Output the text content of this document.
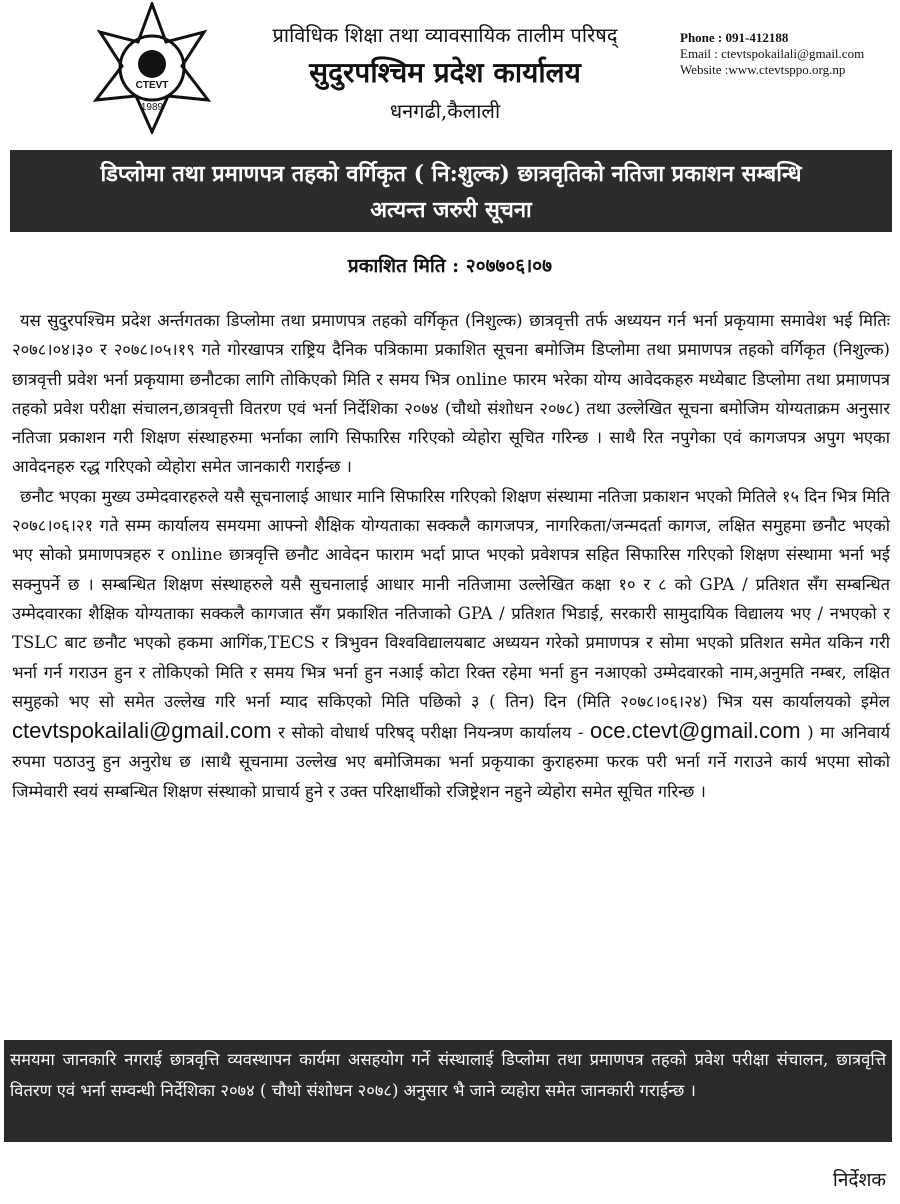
CTEVT
1989
प्राविधिक शिक्षा तथा व्यावसायिक तालीम परिषद्
सुदुरपश्चिम प्रदेश कार्यालय
धनगढी,कैलाली
Phone : 091-412188
Email : ctevtspokailali@gmail.com
Website :www.ctevtsppo.org.np
डिप्लोमा तथा प्रमाणपत्र तहको वर्गिकृत ( नि:शुल्क) छात्रवृतिको नतिजा प्रकाशन सम्बन्धि
अत्यन्त जरुरी सूचना
प्रकाशित मिति : २०७७०६।०७

यस सुदुरपश्चिम प्रदेश अर्न्तगतका डिप्लोमा तथा प्रमाणपत्र तहको वर्गिकृत (निशुल्क) छात्रवृत्ती तर्फ अध्ययन गर्न भर्ना प्रकृयामा समावेश भई मितिः २०७८।०४।३० र २०७८।०५।१९ गते गोरखापत्र राष्ट्रिय दैनिक पत्रिकामा प्रकाशित सूचना बमोजिम डिप्लोमा तथा प्रमाणपत्र तहको वर्गिकृत (निशुल्क) छात्रवृत्ती प्रवेश भर्ना प्रकृयामा छनौटका लागि तोकिएको मिति र समय भित्र online फारम भरेका योग्य आवेदकहरु मध्येबाट डिप्लोमा तथा प्रमाणपत्र तहको प्रवेश परीक्षा संचालन,छात्रवृत्ती वितरण एवं भर्ना निर्देशिका २०७४ (चौथो संशोधन २०७८) तथा उल्लेखित सूचना बमोजिम योग्यताक्रम अनुसार नतिजा प्रकाशन गरी शिक्षण संस्थाहरुमा भर्नाका लागि सिफारिस गरिएको व्येहोरा सूचित गरिन्छ । साथै रित नपुगेका एवं कागजपत्र अपुग भएका आवेदनहरु रद्ध गरिएको व्येहोरा समेत जानकारी गराईन्छ ।

छनौट भएका मुख्य उम्मेदवारहरुले यसै सूचनालाई आधार मानि सिफारिस गरिएको शिक्षण संस्थामा नतिजा प्रकाशन भएको मितिले १५ दिन भित्र मिति २०७८।०६।२१ गते सम्म कार्यालय समयमा आफ्नो शैक्षिक योग्यताका सक्कलै कागजपत्र, नागरिकता/जन्मदर्ता कागज, लक्षित समुहमा छनौट भएको भए सोको प्रमाणपत्रहरु र online छात्रवृत्ति छनौट आवेदन फाराम भर्दा प्राप्त भएको प्रवेशपत्र सहित सिफारिस गरिएको शिक्षण संस्थामा भर्ना भई सक्नुपर्ने छ । सम्बन्धित शिक्षण संस्थाहरुले यसै सुचनालाई आधार मानी नतिजामा उल्लेखित कक्षा १० र ८ को GPA / प्रतिशत सँग सम्बन्धित उम्मेदवारका शैक्षिक योग्यताका सक्कलै कागजात सँग प्रकाशित नतिजाको GPA / प्रतिशत भिडाई, सरकारी सामुदायिक विद्यालय भए / नभएको र TSLC बाट छनौट भएको हकमा आगिंक,TECS र त्रिभुवन विश्वविद्यालयबाट अध्ययन गरेको प्रमाणपत्र र सोमा भएको प्रतिशत समेत यकिन गरी भर्ना गर्न गराउन हुन र तोकिएको मिति र समय भित्र भर्ना हुन नआई कोटा रिक्त रहेमा भर्ना हुन नआएको उम्मेदवारको नाम,अनुमति नम्बर, लक्षित समुहको भए सो समेत उल्लेख गरि भर्ना म्याद सकिएको मिति पछिको ३ ( तिन) दिन (मिति २०७८।०६।२४) भित्र यस कार्यालयको इमेल ctevtspokailali@gmail.com र सोको वोधार्थ परिषद् परीक्षा नियन्त्रण कार्यालय - oce.ctevt@gmail.com ) मा अनिवार्य रुपमा पठाउनु हुन अनुरोध छ ।साथै सूचनामा उल्लेख भए बमोजिमका भर्ना प्रकृयाका कुराहरुमा फरक परी भर्ना गर्ने गराउने कार्य भएमा सोको जिम्मेवारी स्वयं सम्बन्धित शिक्षण संस्थाको प्राचार्य हुने र उक्त परिक्षार्थीको रजिष्ट्रेशन नहुने व्येहोरा समेत सूचित गरिन्छ ।

समयमा जानकारि नगराई छात्रवृत्ति व्यवस्थापन कार्यमा असहयोग गर्ने संस्थालाई डिप्लोमा तथा प्रमाणपत्र तहको प्रवेश परीक्षा संचालन, छात्रवृत्ति वितरण एवं भर्ना सम्वन्धी निर्देशिका २०७४ ( चौथो संशोधन २०७८) अनुसार भै जाने व्यहोरा समेत जानकारी गराईन्छ ।
निर्देशक
